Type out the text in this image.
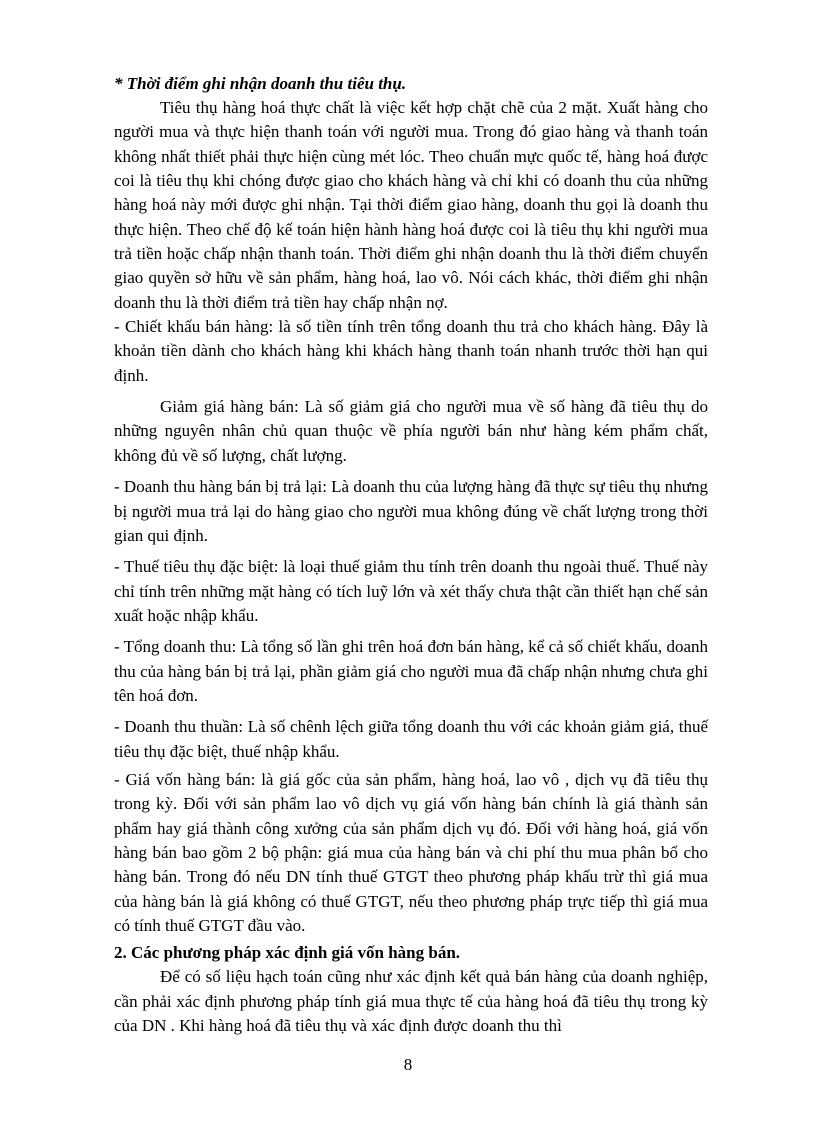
* Thời điểm ghi nhận doanh thu tiêu thụ.

Tiêu thụ hàng hoá thực chất là việc kết hợp chặt chẽ của 2 mặt. Xuất hàng cho người mua và thực hiện thanh toán với người mua. Trong đó giao hàng và thanh toán không nhất thiết phải thực hiện cùng mét lóc. Theo chuẩn mực quốc tế, hàng hoá được coi là tiêu thụ khi chóng được giao cho khách hàng và chỉ khi có doanh thu của những hàng hoá này mới được ghi nhận. Tại thời điểm giao hàng, doanh thu gọi là doanh thu thực hiện. Theo chế độ kế toán hiện hành hàng hoá được coi là tiêu thụ khi người mua trả tiền hoặc chấp nhận thanh toán. Thời điểm ghi nhận doanh thu là thời điểm chuyển giao quyền sở hữu về sản phẩm, hàng hoá, lao vô. Nói cách khác, thời điểm ghi nhận doanh thu là thời điểm trả tiền hay chấp nhận nợ.

- Chiết khấu bán hàng: là số tiền tính trên tổng doanh thu trả cho khách hàng. Đây là khoản tiền dành cho khách hàng khi khách hàng thanh toán nhanh trước thời hạn qui định.

Giảm giá hàng bán: Là số giảm giá cho người mua về số hàng đã tiêu thụ do những nguyên nhân chủ quan thuộc về phía người bán như hàng kém phẩm chất, không đủ về số lượng, chất lượng.

- Doanh thu hàng bán bị trả lại: Là doanh thu của lượng hàng đã thực sự tiêu thụ nhưng bị người mua trả lại do hàng giao cho người mua không đúng về chất lượng trong thời gian qui định.

- Thuế tiêu thụ đặc biệt: là loại thuế giảm thu tính trên doanh thu ngoài thuế. Thuế này chỉ tính trên những mặt hàng có tích luỹ lớn và xét thấy chưa thật cần thiết hạn chế sản xuất hoặc nhập khẩu.

- Tổng doanh thu: Là tổng số lần ghi trên hoá đơn bán hàng, kể cả số chiết khấu, doanh thu của hàng bán bị trả lại, phần giảm giá cho người mua đã chấp nhận nhưng chưa ghi tên hoá đơn.

- Doanh thu thuần: Là số chênh lệch giữa tổng doanh thu với các khoản giảm giá, thuế tiêu thụ đặc biệt, thuế nhập khẩu.

- Giá vốn hàng bán: là giá gốc của sản phẩm, hàng hoá, lao vô , dịch vụ đã tiêu thụ trong kỳ. Đối với sản phẩm lao vô dịch vụ giá vốn hàng bán chính là giá thành sản phẩm hay giá thành công xưởng của sản phẩm dịch vụ đó. Đối với hàng hoá, giá vốn hàng bán bao gồm 2 bộ phận: giá mua của hàng bán và chi phí thu mua phân bổ cho hàng bán. Trong đó nếu DN tính thuế GTGT theo phương pháp khấu trừ thì giá mua của hàng bán là giá không có thuế GTGT, nếu theo phương pháp trực tiếp thì giá mua có tính thuế GTGT đầu vào.

2. Các phương pháp xác định giá vốn hàng bán.

Để có số liệu hạch toán cũng như xác định kết quả bán hàng của doanh nghiệp, cần phải xác định phương pháp tính giá mua thực tế của hàng hoá đã tiêu thụ trong kỳ của DN . Khi hàng hoá đã tiêu thụ và xác định được doanh thu thì

8
